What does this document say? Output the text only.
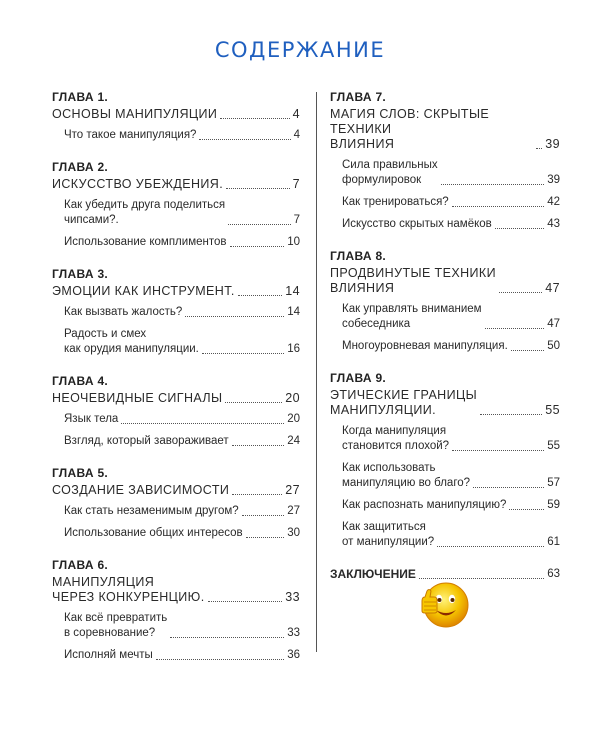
СОДЕРЖАНИЕ
ГЛАВА 1.
ОСНОВЫ МАНИПУЛЯЦИИ	4
Что такое манипуляция?	4
ГЛАВА 2.
ИСКУССТВО УБЕЖДЕНИЯ.	7
Как убедить друга поделиться
чипсами?.	7
Использование комплиментов	10
ГЛАВА 3.
ЭМОЦИИ КАК ИНСТРУМЕНТ.	14
Как вызвать жалость?	14
Радость и смех
как орудия манипуляции.	16
ГЛАВА 4.
НЕОЧЕВИДНЫЕ СИГНАЛЫ	20
Язык тела	20
Взгляд, который завораживает	24
ГЛАВА 5.
СОЗДАНИЕ ЗАВИСИМОСТИ	27
Как стать незаменимым другом?	27
Использование общих интересов	30
ГЛАВА 6.
МАНИПУЛЯЦИЯ
ЧЕРЕЗ КОНКУРЕНЦИЮ.	33
Как всё превратить
в соревнование?	33
Исполняй мечты	36
ГЛАВА 7.
МАГИЯ СЛОВ: СКРЫТЫЕ ТЕХНИКИ
ВЛИЯНИЯ	39
Сила правильных
формулировок	39
Как тренироваться?	42
Искусство скрытых намёков	43
ГЛАВА 8.
ПРОДВИНУТЫЕ ТЕХНИКИ
ВЛИЯНИЯ	47
Как управлять вниманием
собеседника	47
Многоуровневая манипуляция.	50
ГЛАВА 9.
ЭТИЧЕСКИЕ ГРАНИЦЫ
МАНИПУЛЯЦИИ.	55
Когда манипуляция
становится плохой?	55
Как использовать
манипуляцию во благо?	57
Как распознать манипуляцию?	59
Как защититься
от манипуляции?	61
ЗАКЛЮЧЕНИЕ	63
